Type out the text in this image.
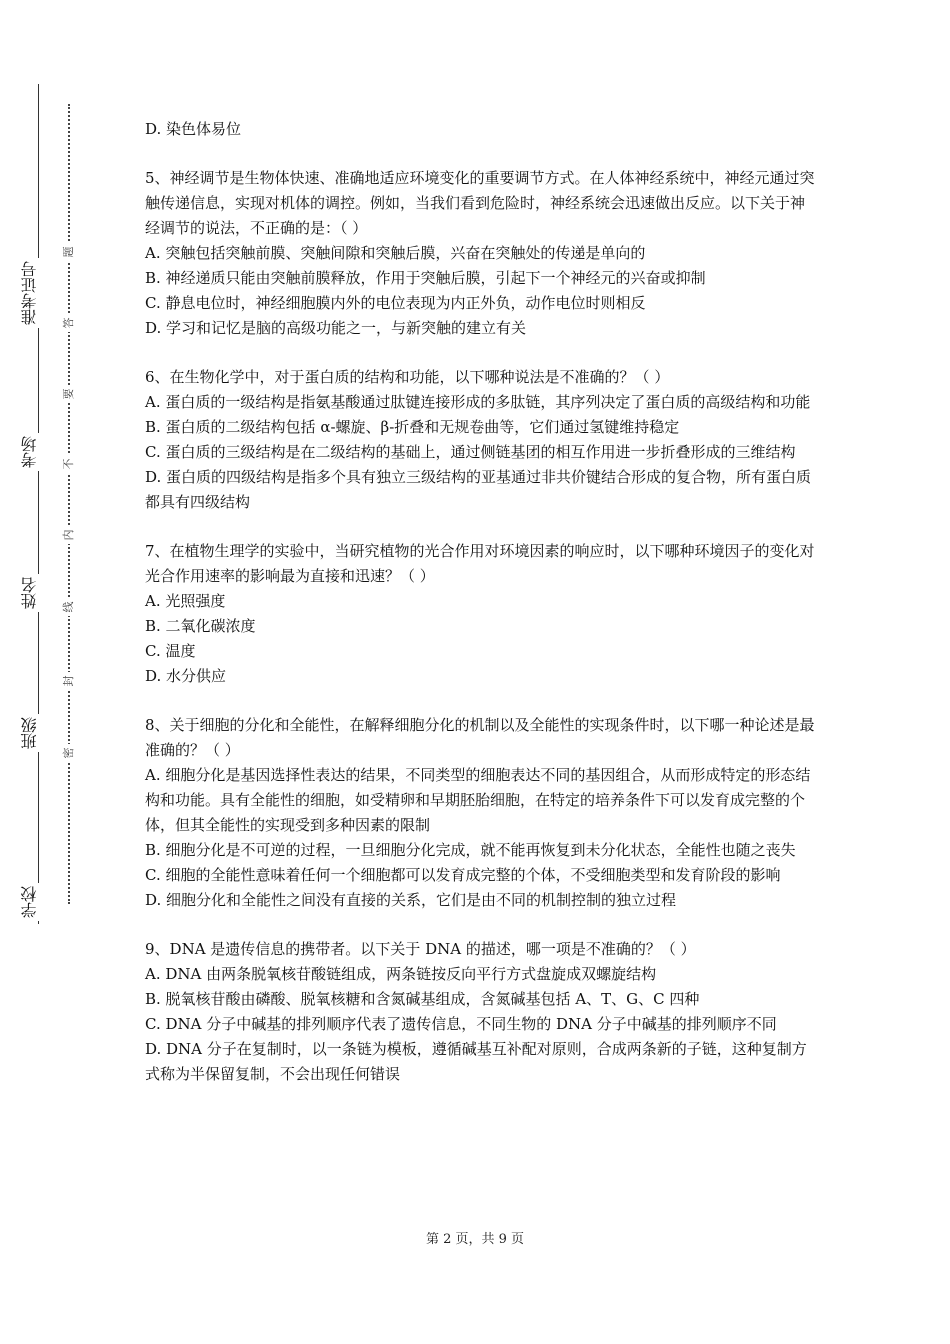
准考证号
考场
姓名
班级
学校
题
答
要
不
内
线
封
密

D. 染色体易位

5、神经调节是生物体快速、准确地适应环境变化的重要调节方式。在人体神经系统中，神经元通过突触传递信息，实现对机体的调控。例如，当我们看到危险时，神经系统会迅速做出反应。以下关于神经调节的说法，不正确的是：（ ）

A. 突触包括突触前膜、突触间隙和突触后膜，兴奋在突触处的传递是单向的

B. 神经递质只能由突触前膜释放，作用于突触后膜，引起下一个神经元的兴奋或抑制

C. 静息电位时，神经细胞膜内外的电位表现为内正外负，动作电位时则相反

D. 学习和记忆是脑的高级功能之一，与新突触的建立有关

6、在生物化学中，对于蛋白质的结构和功能，以下哪种说法是不准确的？（ ）

A. 蛋白质的一级结构是指氨基酸通过肽键连接形成的多肽链，其序列决定了蛋白质的高级结构和功能

B. 蛋白质的二级结构包括 α-螺旋、β-折叠和无规卷曲等，它们通过氢键维持稳定

C. 蛋白质的三级结构是在二级结构的基础上，通过侧链基团的相互作用进一步折叠形成的三维结构

D. 蛋白质的四级结构是指多个具有独立三级结构的亚基通过非共价键结合形成的复合物，所有蛋白质都具有四级结构

7、在植物生理学的实验中，当研究植物的光合作用对环境因素的响应时，以下哪种环境因子的变化对光合作用速率的影响最为直接和迅速？（ ）

A. 光照强度

B. 二氧化碳浓度

C. 温度

D. 水分供应

8、关于细胞的分化和全能性，在解释细胞分化的机制以及全能性的实现条件时，以下哪一种论述是最准确的？（ ）

A. 细胞分化是基因选择性表达的结果，不同类型的细胞表达不同的基因组合，从而形成特定的形态结构和功能。具有全能性的细胞，如受精卵和早期胚胎细胞，在特定的培养条件下可以发育成完整的个体，但其全能性的实现受到多种因素的限制

B. 细胞分化是不可逆的过程，一旦细胞分化完成，就不能再恢复到未分化状态，全能性也随之丧失

C. 细胞的全能性意味着任何一个细胞都可以发育成完整的个体，不受细胞类型和发育阶段的影响

D. 细胞分化和全能性之间没有直接的关系，它们是由不同的机制控制的独立过程

9、DNA 是遗传信息的携带者。以下关于 DNA 的描述，哪一项是不准确的？（ ）

A. DNA 由两条脱氧核苷酸链组成，两条链按反向平行方式盘旋成双螺旋结构

B. 脱氧核苷酸由磷酸、脱氧核糖和含氮碱基组成，含氮碱基包括 A、T、G、C 四种

C. DNA 分子中碱基的排列顺序代表了遗传信息，不同生物的 DNA 分子中碱基的排列顺序不同

D. DNA 分子在复制时，以一条链为模板，遵循碱基互补配对原则，合成两条新的子链，这种复制方式称为半保留复制，不会出现任何错误

第 2 页，共 9 页
